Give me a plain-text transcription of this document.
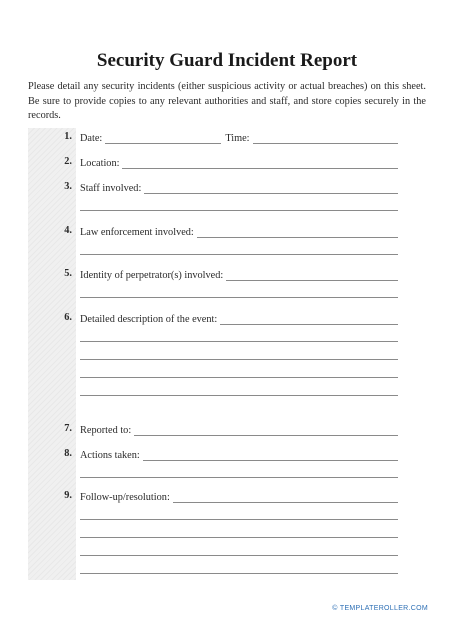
Security Guard Incident Report
Please detail any security incidents (either suspicious activity or actual breaches) on this sheet. Be sure to provide copies to any relevant authorities and staff, and store copies securely in the records.
1. Date:	Time:
2. Location:
3. Staff involved:
4. Law enforcement involved:
5. Identity of perpetrator(s) involved:
6. Detailed description of the event:
7. Reported to:
8. Actions taken:
9. Follow-up/resolution:
© TEMPLATEROLLER.COM
